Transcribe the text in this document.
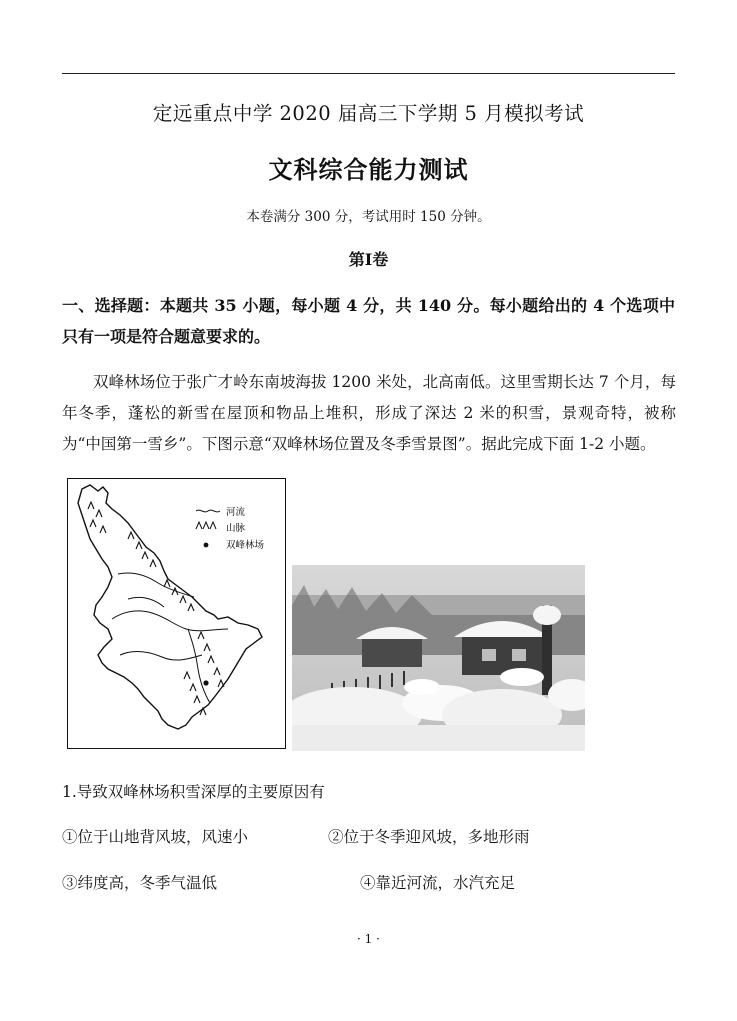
定远重点中学 2020 届高三下学期 5 月模拟考试
文科综合能力测试
本卷满分 300 分，考试用时 150 分钟。
第Ⅰ卷
一、选择题：本题共 35 小题，每小题 4 分，共 140 分。每小题给出的 4 个选项中只有一项是符合题意要求的。
双峰林场位于张广才岭东南坡海拔 1200 米处，北高南低。这里雪期长达 7 个月，每年冬季，蓬松的新雪在屋顶和物品上堆积，形成了深达 2 米的积雪，景观奇特，被称为“中国第一雪乡”。下图示意“双峰林场位置及冬季雪景图”。据此完成下面 1-2 小题。
河流
山脉
双峰林场
1.导致双峰林场积雪深厚的主要原因有
①位于山地背风坡，风速小	②位于冬季迎风坡，多地形雨
③纬度高，冬季气温低	④靠近河流，水汽充足
· 1 ·
